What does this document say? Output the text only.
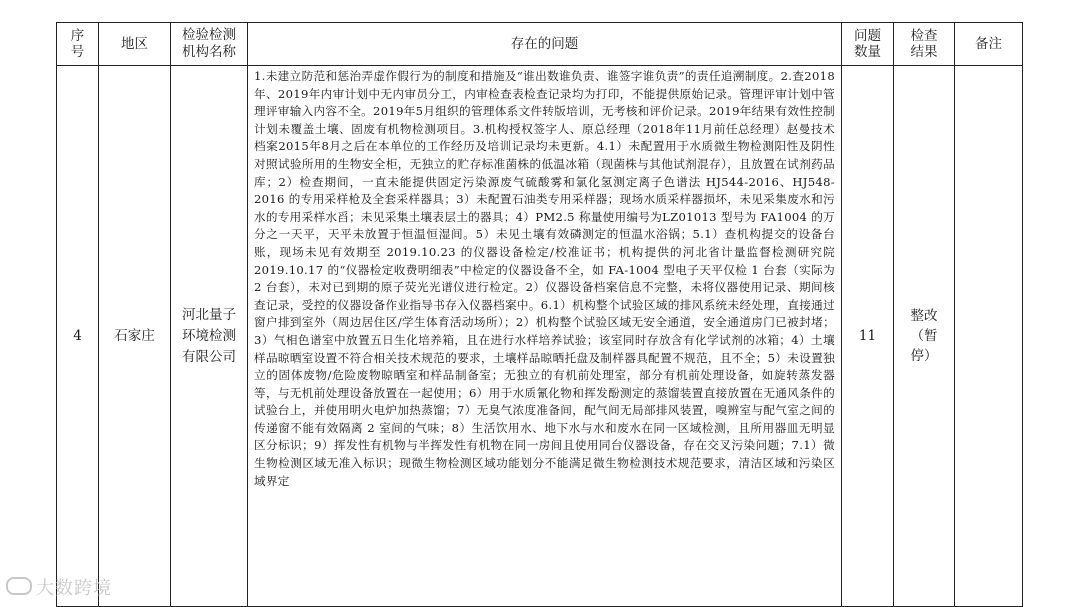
序号	地区	检验检测机构名称	存在的问题	问题数量	检查结果	备注
4	石家庄	河北量子环境检测有限公司	1.未建立防范和惩治弄虚作假行为的制度和措施及“谁出数谁负责、谁签字谁负责”的责任追溯制度。2.查2018年、2019年内审计划中无内审员分工，内审检查表检查记录均为打印，不能提供原始记录。管理评审计划中管理评审输入内容不全。2019年5月组织的管理体系文件转版培训，无考核和评价记录。2019年结果有效性控制计划未覆盖土壤、固废有机物检测项目。3.机构授权签字人、原总经理（2018年11月前任总经理）赵曼技术档案2015年8月之后在本单位的工作经历及培训记录均未更新。4.1）未配置用于水质微生物检测阳性及阴性对照试验所用的生物安全柜，无独立的贮存标准菌株的低温冰箱（现菌株与其他试剂混存），且放置在试剂药品库；2）检查期间，一直未能提供固定污染源废气硫酸雾和氯化氢测定离子色谱法 HJ544-2016、HJ548-2016 的专用采样枪及全套采样器具；3）未配置石油类专用采样器；现场水质采样器损坏，未见采集废水和污水的专用采样水舀；未见采集土壤表层土的器具；4）PM2.5 称量使用编号为LZ01013 型号为 FA1004 的万分之一天平，天平未放置于恒温恒湿间。5）未见土壤有效磷测定的恒温水浴锅；5.1）查机构提交的设备台账，现场未见有效期至 2019.10.23 的仪器设备检定/校准证书；机构提供的河北省计量监督检测研究院 2019.10.17 的“仪器检定收费明细表”中检定的仪器设备不全，如 FA-1004 型电子天平仅检 1 台套（实际为2 台套），未对已到期的原子荧光光谱仪进行检定。2）仪器设备档案信息不完整，未将仪器使用记录、期间核查记录，受控的仪器设备作业指导书存入仪器档案中。6.1）机构整个试验区域的排风系统未经处理，直接通过窗户排到室外（周边居住区/学生体育活动场所）；2）机构整个试验区域无安全通道，安全通道房门已被封堵；3）气相色谱室中放置五日生化培养箱，且在进行水样培养试验；该室同时存放含有化学试剂的冰箱；4）土壤样品晾晒室设置不符合相关技术规范的要求，土壤样品晾晒托盘及制样器具配置不规范，且不全；5）未设置独立的固体废物/危险废物晾晒室和样品制备室；无独立的有机前处理室，部分有机前处理设备，如旋转蒸发器等，与无机前处理设备放置在一起使用；6）用于水质氰化物和挥发酚测定的蒸馏装置直接放置在无通风条件的试验台上，并使用明火电炉加热蒸馏；7）无臭气浓度准备间，配气间无局部排风装置，嗅辨室与配气室之间的传递窗不能有效隔离 2 室间的气味；8）生活饮用水、地下水与水和废水在同一区域检测，且所用器皿无明显区分标识；9）挥发性有机物与半挥发性有机物在同一房间且使用同台仪器设备，存在交叉污染问题；7.1）微生物检测区域无准入标识；现微生物检测区域功能划分不能满足微生物检测技术规范要求，清洁区域和污染区域界定	11	整改（暂停）	
大数跨境
